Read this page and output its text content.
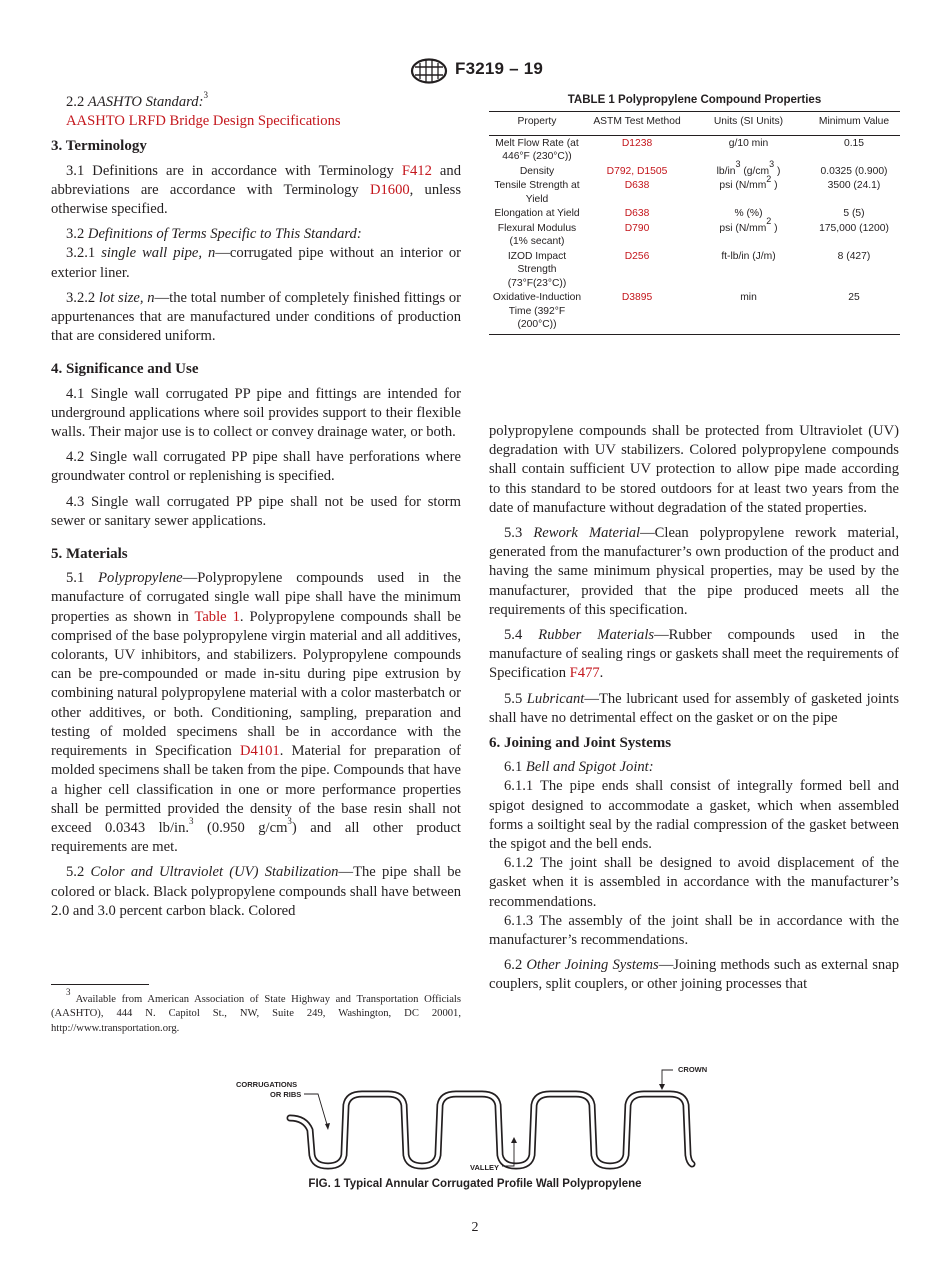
F3219 – 19

2.2 AASHTO Standard:$^3$

AASHTO LRFD Bridge Design Specifications

3. Terminology

3.1 Definitions are in accordance with Terminology F412 and abbreviations are accordance with Terminology D1600, unless otherwise specified.

3.2 Definitions of Terms Specific to This Standard:

3.2.1 single wall pipe, n—corrugated pipe without an interior or exterior liner.

3.2.2 lot size, n—the total number of completely finished fittings or appurtenances that are manufactured under conditions of production that are considered uniform.

4. Significance and Use

4.1 Single wall corrugated PP pipe and fittings are intended for underground applications where soil provides support to their flexible walls. Their major use is to collect or convey drainage water, or both.

4.2 Single wall corrugated PP pipe shall have perforations where groundwater control or replenishing is specified.

4.3 Single wall corrugated PP pipe shall not be used for storm sewer or sanitary sewer applications.

5. Materials

5.1 Polypropylene—Polypropylene compounds used in the manufacture of corrugated single wall pipe shall have the minimum properties as shown in Table 1. Polypropylene compounds shall be comprised of the base polypropylene virgin material and all additives, colorants, UV inhibitors, and stabilizers. Polypropylene compounds can be pre-compounded or made in-situ during pipe extrusion by combining natural polypropylene material with a color masterbatch or other additives, or both. Conditioning, sampling, preparation and testing of molded specimens shall be in accordance with the requirements in Specification D4101. Material for preparation of molded specimens shall be taken from the pipe. Compounds that have a higher cell classification in one or more performance properties shall be permitted provided the density of the base resin shall not exceed 0.0343 lb/in.$^3$ (0.950 $g/cm^3$) and all other product requirements are met.

5.2 Color and Ultraviolet (UV) Stabilization—The pipe shall be colored or black. Black polypropylene compounds shall have between 2.0 and 3.0 percent carbon black. Colored

$^3$ Available from American Association of State Highway and Transportation Officials (AASHTO), 444 N. Capitol St., NW, Suite 249, Washington, DC 20001, http://www.transportation.org.
TABLE 1 Polypropylene Compound Properties
Property	ASTM Test Method	Units (SI Units)	Minimum Value
Melt Flow Rate (at 446°F (230°C))	D1238	g/10 min	0.15
Density	D792, D1505	$lb/in^3$ ($g/cm^3$ )	0.0325 (0.900)
Tensile Strength at Yield	D638	psi ($N/mm^2$ )	3500 (24.1)
Elongation at Yield	D638	% (%)	5 (5)
Flexural Modulus (1% secant)	D790	psi ($N/mm^2$ )	175,000 (1200)
IZOD Impact Strength (73°F(23°C))	D256	ft-lb/in (J/m)	8 (427)
Oxidative-Induction Time (392°F (200°C))	D3895	min	25

polypropylene compounds shall be protected from Ultraviolet (UV) degradation with UV stabilizers. Colored polypropylene compounds shall contain sufficient UV protection to allow pipe made according to this standard to be stored outdoors for at least two years from the date of manufacture without degradation of the stated properties.

5.3 Rework Material—Clean polypropylene rework material, generated from the manufacturer’s own production of the product and having the same minimum physical properties, may be used by the manufacturer, provided that the pipe produced meets all the requirements of this specification.

5.4 Rubber Materials—Rubber compounds used in the manufacture of sealing rings or gaskets shall meet the requirements of Specification F477.

5.5 Lubricant—The lubricant used for assembly of gasketed joints shall have no detrimental effect on the gasket or on the pipe

6. Joining and Joint Systems

6.1 Bell and Spigot Joint:

6.1.1 The pipe ends shall consist of integrally formed bell and spigot designed to accommodate a gasket, which when assembled forms a soiltight seal by the radial compression of the gasket between the spigot and the bell ends.

6.1.2 The joint shall be designed to avoid displacement of the gasket when it is assembled in accordance with the manufacturer’s recommendations.

6.1.3 The assembly of the joint shall be in accordance with the manufacturer’s recommendations.

6.2 Other Joining Systems—Joining methods such as external snap couplers, split couplers, or other joining processes that

CORRUGATIONS
OR RIBS
CROWN
VALLEY
FIG. 1 Typical Annular Corrugated Profile Wall Polypropylene
2
